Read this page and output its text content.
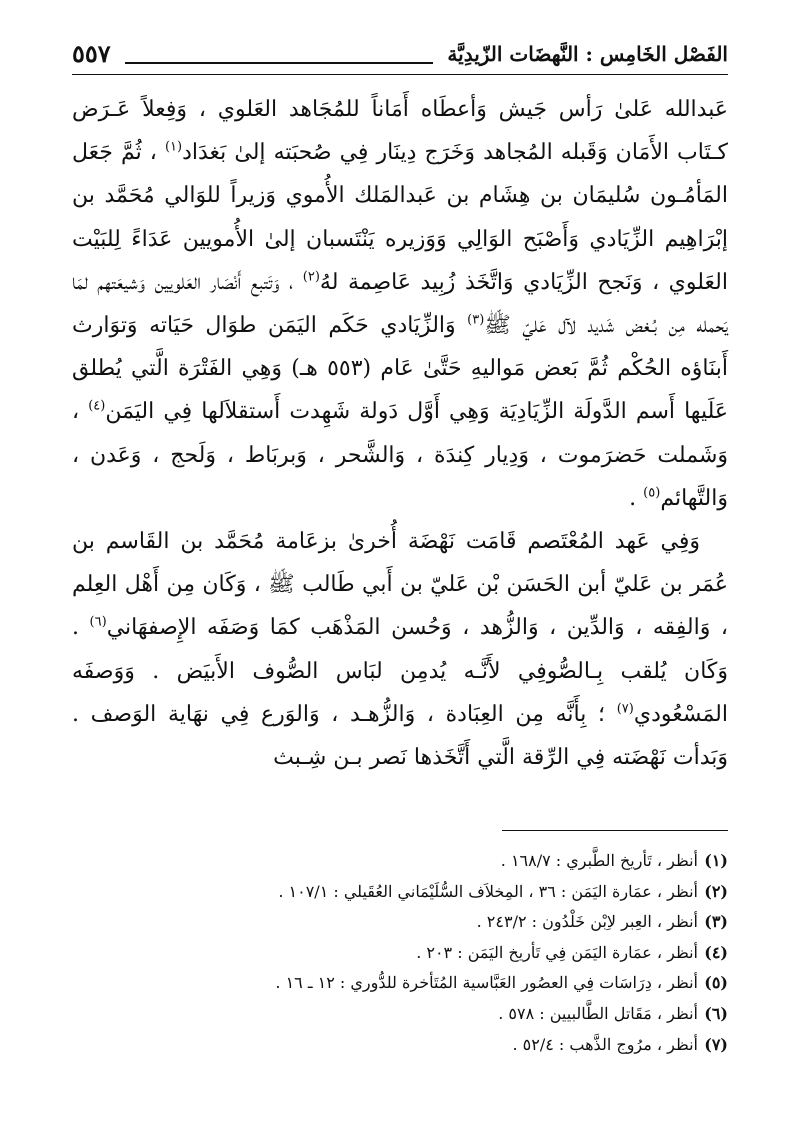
الفَصْل الخَامِس : النَّهضَات الزّيدِيَّة
٥٥٧

عَبدالله عَلىٰ رَأس جَيش وَأعطَاه أَمَاناً للمُجَاهد العَلوي ، وَفِعلاً عَـرَض كـتَاب الأَمَان وَقَبله المُجاهد وَخَرَج دِينَار فِي صُحبَته إلىٰ بَغدَاد$^{(١)}$ ، ثُمَّ جَعَل المَأمُـون سُليمَان بن هِشَام بن عَبدالمَلك الأُموي وَزيراً للوَالي مُحَمَّد بن إبْرَاهِيم الزِّيَادي وَأَصْبَح الوَالِي وَوَزيره يَنْتَسبان إلىٰ الأُمويين عَدَاءً لِلبَيْت العَلوي ، وَنَجح الزِّيَادي وَاتَّخَذ زُبِيد عَاصِمة لهُ$^{(٢)}$ ، وَتَتبع أَنْصَار العَلويين وَشيعَتهم لمَا يَحمله مِن بُـغض شَديد لآل عَليّ ﷺ$^{(٣)}$ وَالزِّيَادي حَكَم اليَمَن طوَال حَيَاته وَتوَارث أَبنَاؤه الحُكْم ثُمَّ بَعض مَواليهِ حَتَّىٰ عَام (٥٥٣ هـ) وَهِي الفَتْرَة الَّتي يُطلق عَلَيها أَسم الدَّولَة الزِّيَادِيَة وَهِي أَوَّل دَولة شَهِدت أَستقلاَلها فِي اليَمَن$^{(٤)}$ ، وَشَملت حَضرَموت ، وَدِيار كِندَة ، وَالشَّحر ، وَبربَاط ، وَلَحج ، وَعَدن ، وَالتَّهائم$^{(٥)}$ .

وَفِي عَهد المُعْتَصم قَامَت نَهْضَة أُخرىٰ بزعَامة مُحَمَّد بن القَاسم بن عُمَر بن عَليّ أبن الحَسَن بْن عَليّ بن أَبي طَالب ﷺ ، وَكَان مِن أَهْل العِلم ، وَالفِقه ، وَالدِّين ، وَالزُّهد ، وَحُسن المَذْهَب كمَا وَصَفَه الإِصفهَاني$^{(٦)}$ . وَكَان يُلقب بِـالصُّوفِي لأَنَّـه يُدمِن لبَاس الصُّوف الأَبيَض . وَوَصفَه المَسْعُودي$^{(٧)}$ ؛ بِأَنَّه مِن العِبَادة ، وَالزُّهـد ، وَالوَرع فِي نهَاية الوَصف . وَبَدأت نَهْضَته فِي الرِّقة الَّتي أَتَّخَذها نَصر بـن شِـبث

(١)أنظر ، تَأريخ الطَّبري : ١٦٨/٧ .
(٢)أنظر ، عمَارة اليَمَن : ٣٦ ، المِخلاَف السُّلَيْمَاني العُقَيلي : ١٠٧/١ .
(٣)أنظر ، العِبر لاِبْن خَلْدُون : ٢٤٣/٢ .
(٤)أنظر ، عمَارة اليَمَن فِي تَأريخ اليَمَن : ٢٠٣ .
(٥)أنظر ، دِرَاسَات فِي العصُور العَبَّاسية المُتَأخرة للدُّوري : ١٢ ـ ١٦ .
(٦)أنظر ، مَقَاتل الطَّالبيين : ٥٧٨ .
(٧)أنظر ، مرُوج الذَّهب : ٥٢/٤ .
